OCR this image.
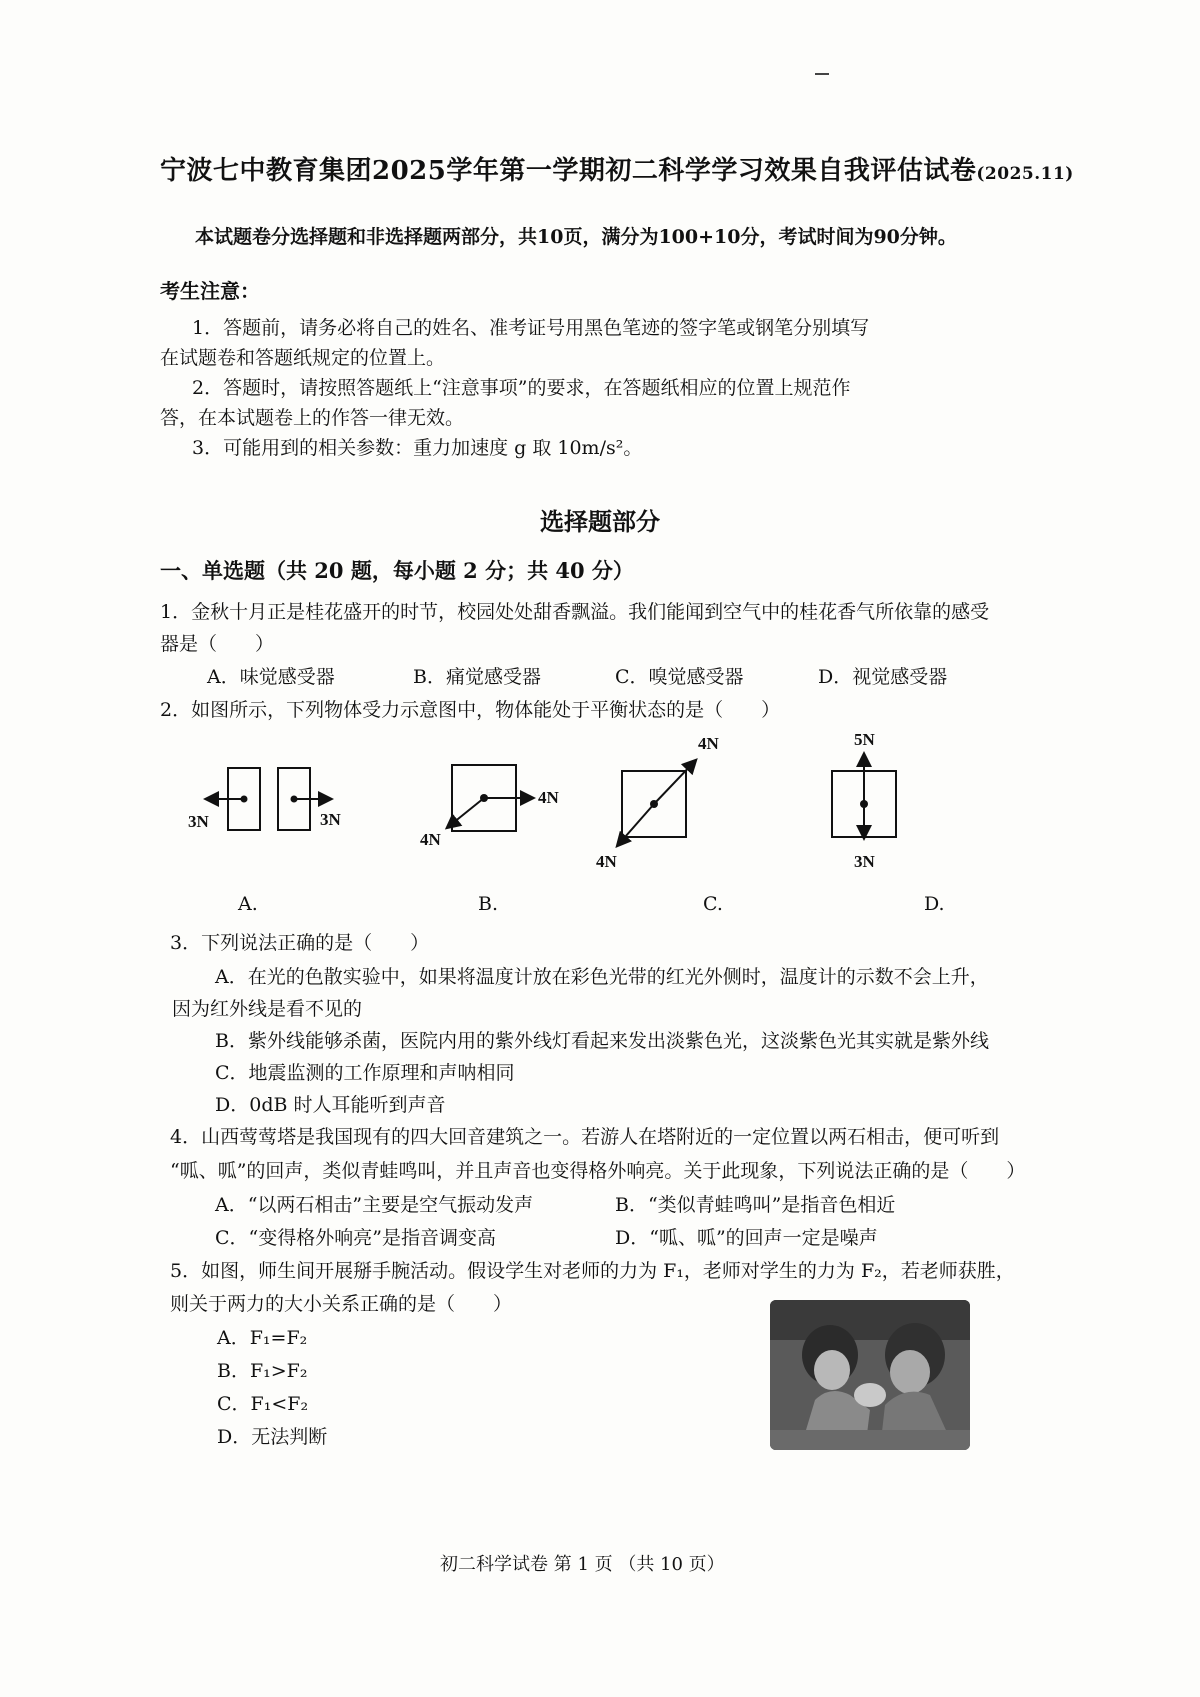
宁波七中教育集团2025学年第一学期初二科学学习效果自我评估试卷(2025.11)
本试题卷分选择题和非选择题两部分，共10页，满分为100+10分，考试时间为90分钟。
考生注意：
1．答题前，请务必将自己的姓名、准考证号用黑色笔迹的签字笔或钢笔分别填写
在试题卷和答题纸规定的位置上。
2．答题时，请按照答题纸上“注意事项”的要求，在答题纸相应的位置上规范作
答，在本试题卷上的作答一律无效。
3．可能用到的相关参数：重力加速度 g 取 10m/s²。
选择题部分
一、单选题（共 20 题，每小题 2 分；共 40 分）
1．金秋十月正是桂花盛开的时节，校园处处甜香飘溢。我们能闻到空气中的桂花香气所依靠的感受
器是（　　）
A．味觉感受器	B．痛觉感受器	C．嗅觉感受器	D．视觉感受器
2．如图所示，下列物体受力示意图中，物体能处于平衡状态的是（　　）
3N	3N
4N
4N
4N
4N
5N
3N
A.	B.	C.	D.
3．下列说法正确的是（　　）
A．在光的色散实验中，如果将温度计放在彩色光带的红光外侧时，温度计的示数不会上升，
因为红外线是看不见的
B．紫外线能够杀菌，医院内用的紫外线灯看起来发出淡紫色光，这淡紫色光其实就是紫外线
C．地震监测的工作原理和声呐相同
D．0dB 时人耳能听到声音
4．山西莺莺塔是我国现有的四大回音建筑之一。若游人在塔附近的一定位置以两石相击，便可听到
“呱、呱”的回声，类似青蛙鸣叫，并且声音也变得格外响亮。关于此现象，下列说法正确的是（　　）
A．“以两石相击”主要是空气振动发声	B．“类似青蛙鸣叫”是指音色相近
C．“变得格外响亮”是指音调变高	D．“呱、呱”的回声一定是噪声
5．如图，师生间开展掰手腕活动。假设学生对老师的力为 F₁，老师对学生的力为 F₂，若老师获胜，
则关于两力的大小关系正确的是（　　）
A．F₁=F₂
B．F₁>F₂
C．F₁<F₂
D．无法判断
初二科学试卷 第 1 页 （共 10 页）
